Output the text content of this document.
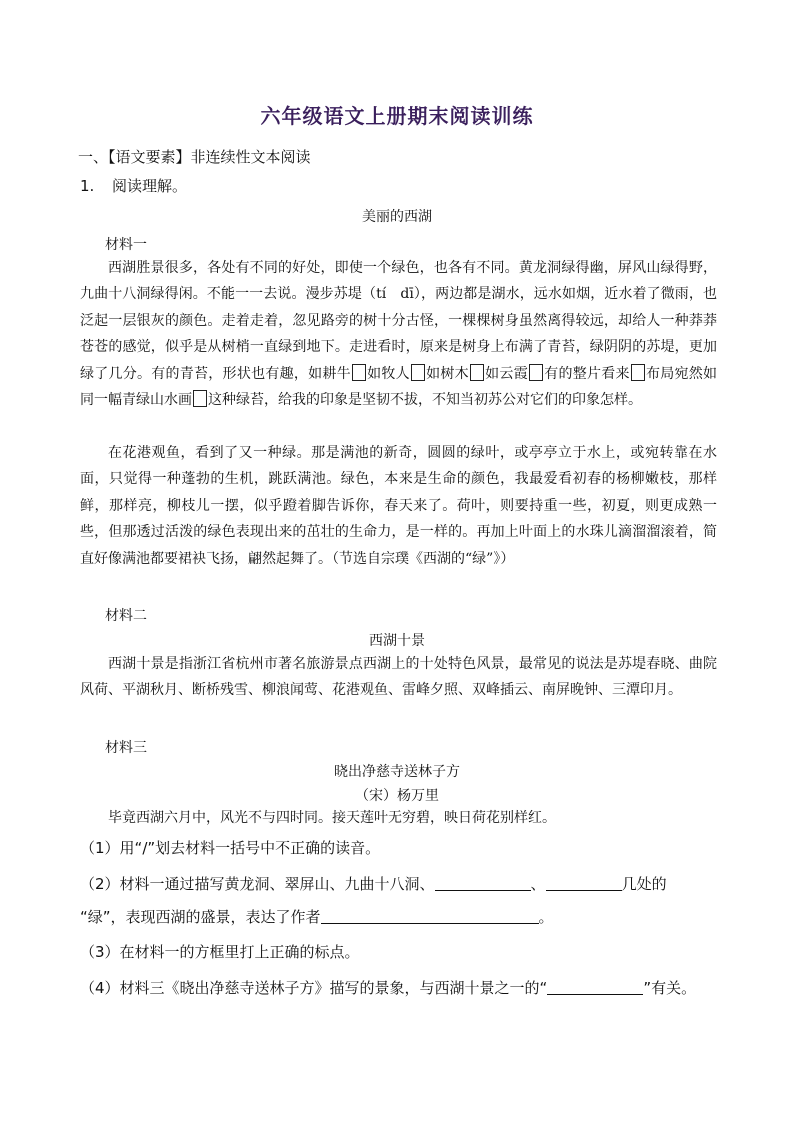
六年级语文上册期末阅读训练
一、【语文要素】非连续性文本阅读
1. 阅读理解。
美丽的西湖
材料一
西湖胜景很多，各处有不同的好处，即使一个绿色，也各有不同。黄龙洞绿得幽，屏风山绿得野，九曲十八洞绿得闲。不能一一去说。漫步苏堤（tí　dī），两边都是湖水，远水如烟，近水着了微雨，也泛起一层银灰的颜色。走着走着，忽见路旁的树十分古怪，一棵棵树身虽然离得较远，却给人一种莽莽苍苍的感觉，似乎是从树梢一直绿到地下。走进看时，原来是树身上布满了青苔，绿阴阴的苏堤，更加绿了几分。有的青苔，形状也有趣，如耕牛 如牧人 如树木 如云霞 有的整片看来 布局宛然如同一幅青绿山水画 这种绿苔，给我的印象是坚韧不拔，不知当初苏公对它们的印象怎样。
在花港观鱼，看到了又一种绿。那是满池的新奇，圆圆的绿叶，或亭亭立于水上，或宛转靠在水面，只觉得一种蓬勃的生机，跳跃满池。绿色，本来是生命的颜色，我最爱看初春的杨柳嫩枝，那样鲜，那样亮，柳枝儿一摆，似乎蹬着脚告诉你，春天来了。荷叶，则要持重一些，初夏，则更成熟一些，但那透过活泼的绿色表现出来的茁壮的生命力，是一样的。再加上叶面上的水珠儿滴溜溜滚着，简直好像满池都要裙袂飞扬，翩然起舞了。（节选自宗璞《西湖的“绿”》）
材料二
西湖十景
西湖十景是指浙江省杭州市著名旅游景点西湖上的十处特色风景，最常见的说法是苏堤春晓、曲院风荷、平湖秋月、断桥残雪、柳浪闻莺、花港观鱼、雷峰夕照、双峰插云、南屏晚钟、三潭印月。
材料三
晓出净慈寺送林子方
（宋）杨万里
毕竟西湖六月中，风光不与四时同。接天莲叶无穷碧，映日荷花别样红。
（1）用“/”划去材料一括号中不正确的读音。
（2）材料一通过描写黄龙洞、翠屏山、九曲十八洞、	、	几处的
“绿”，表现西湖的盛景，表达了作者	。
（3）在材料一的方框里打上正确的标点。
（4）材料三《晓出净慈寺送林子方》描写的景象，与西湖十景之一的“	”有关。
